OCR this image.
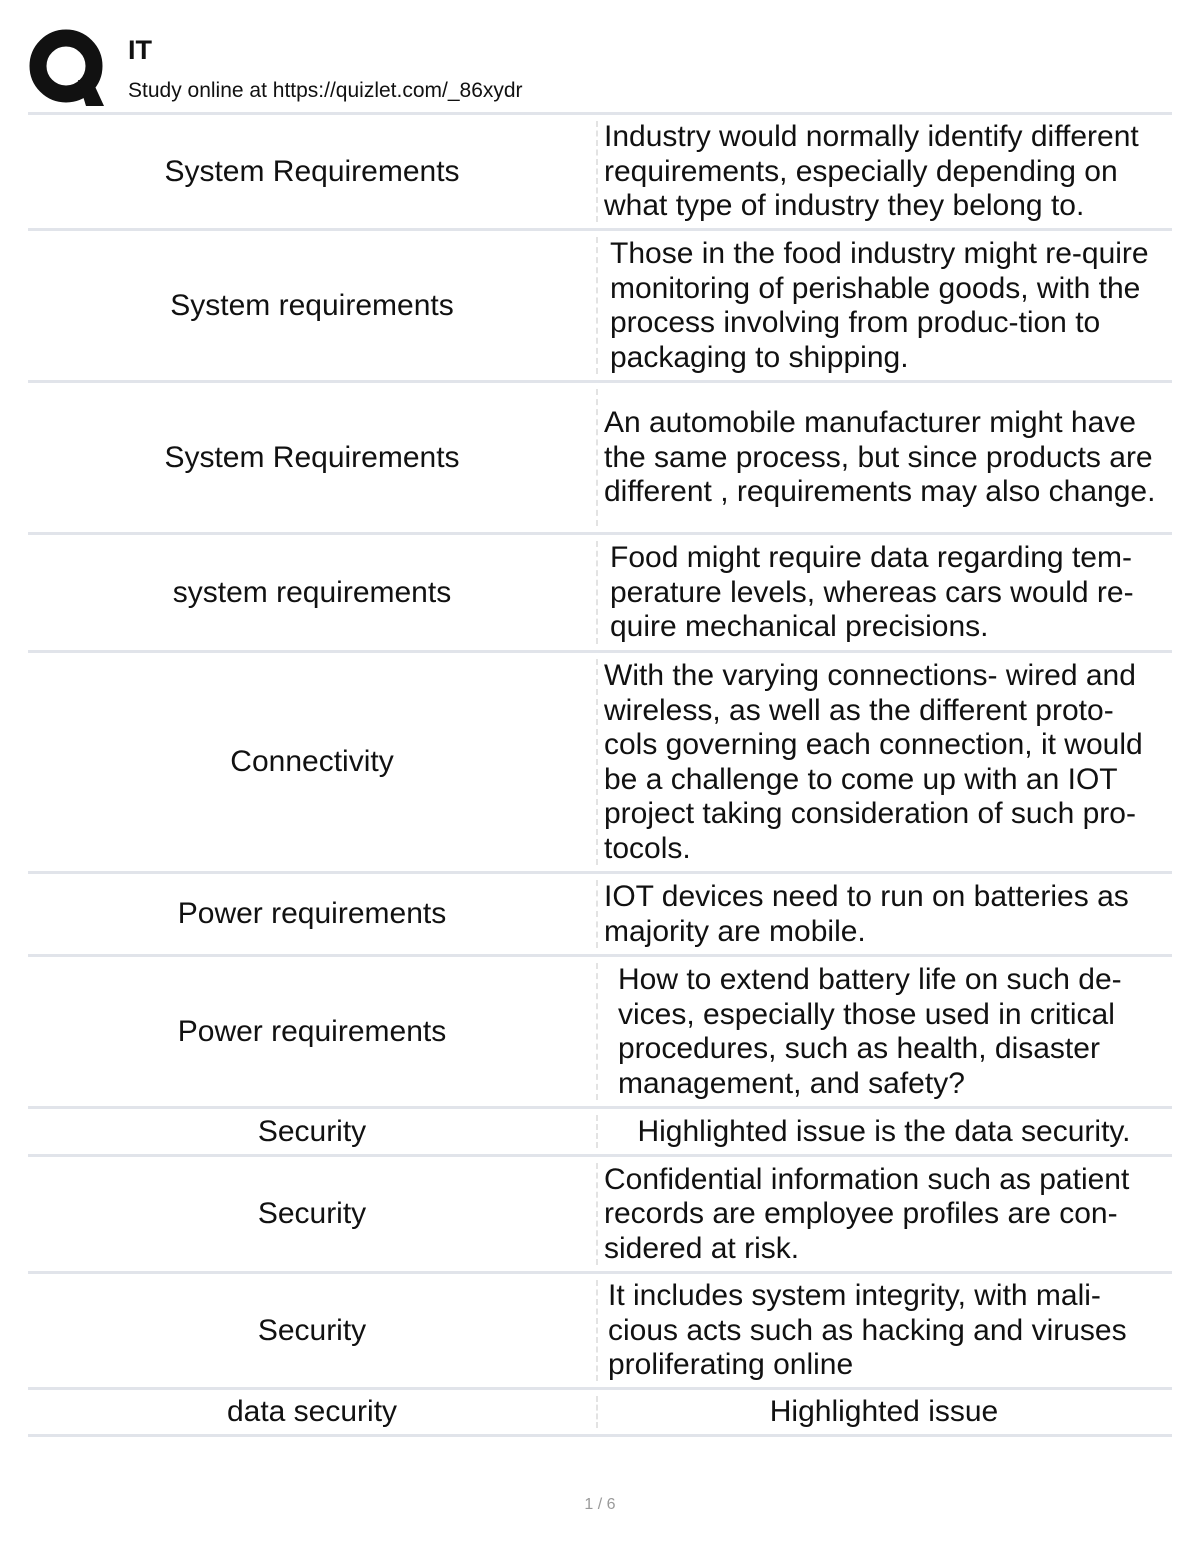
IT
Study online at https://quizlet.com/_86xydr
System Requirements
Industry would normally identify different requirements, especially depending on what type of industry they belong to.
System requirements
Those in the food industry might re-quire monitoring of perishable goods, with the process involving from produc-tion to packaging to shipping.
System Requirements
An automobile manufacturer might have the same process, but since products are different , requirements may also change.
system requirements
Food might require data regarding tem-perature levels, whereas cars would re-quire mechanical precisions.
Connectivity
With the varying connections- wired and wireless, as well as the different proto-cols governing each connection, it would be a challenge to come up with an IOT project taking consideration of such pro-tocols.
Power requirements
IOT devices need to run on batteries as majority are mobile.
Power requirements
How to extend battery life on such de-vices, especially those used in critical procedures, such as health, disaster management, and safety?
Security	Highlighted issue is the data security.
Security
Confidential information such as patient records are employee profiles are con-sidered at risk.
Security
It includes system integrity, with mali-cious acts such as hacking and viruses proliferating online
data security	Highlighted issue
1 / 6
